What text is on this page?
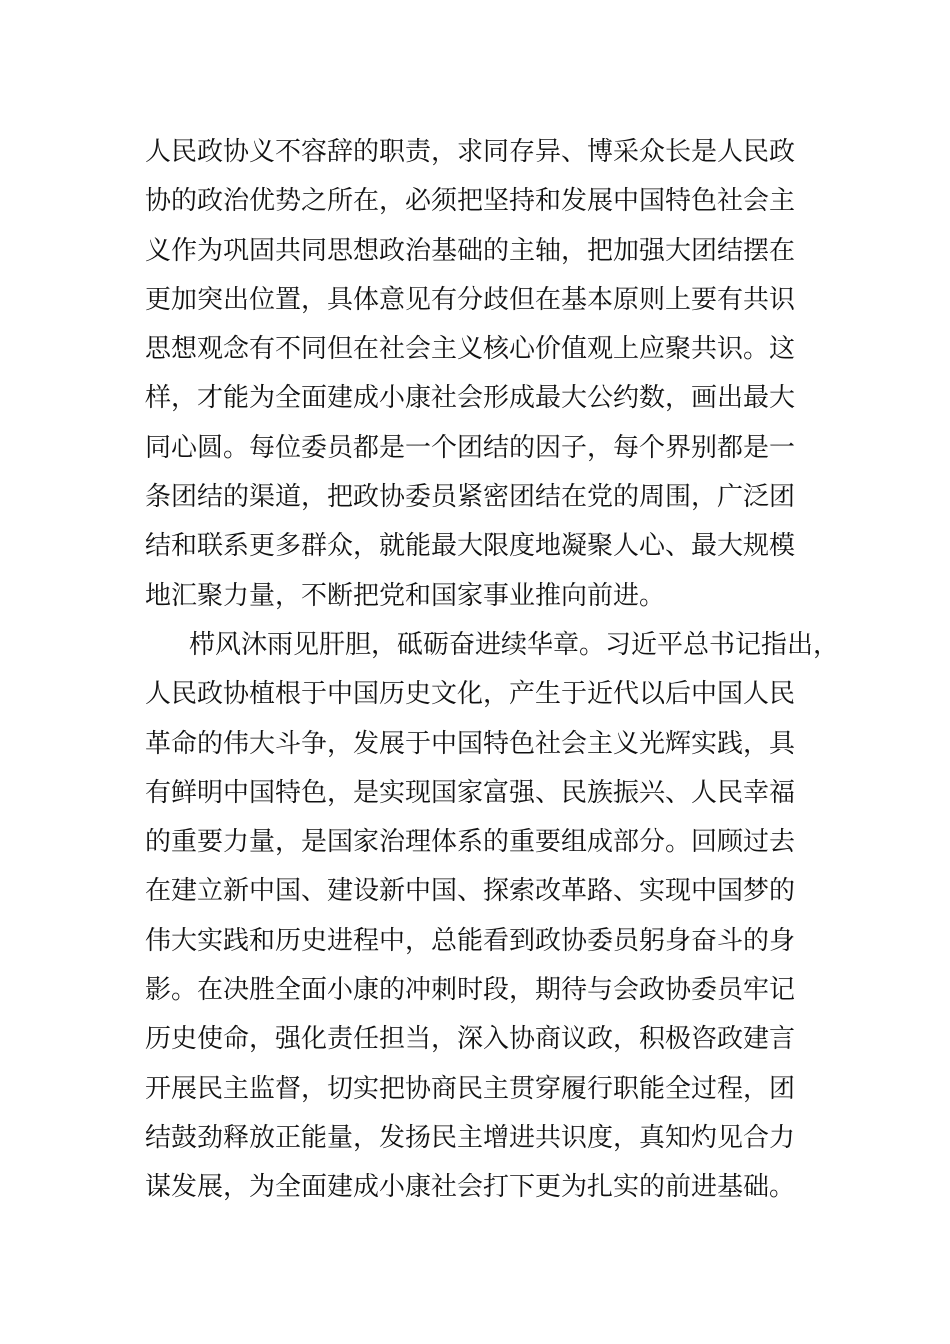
人民政协义不容辞的职责，求同存异、博采众长是人民政
协的政治优势之所在，必须把坚持和发展中国特色社会主
义作为巩固共同思想政治基础的主轴，把加强大团结摆在
更加突出位置，具体意见有分歧但在基本原则上要有共识
思想观念有不同但在社会主义核心价值观上应聚共识。这
样，才能为全面建成小康社会形成最大公约数，画出最大
同心圆。每位委员都是一个团结的因子，每个界别都是一
条团结的渠道，把政协委员紧密团结在党的周围，广泛团
结和联系更多群众，就能最大限度地凝聚人心、最大规模
地汇聚力量，不断把党和国家事业推向前进。
栉风沐雨见肝胆，砥砺奋进续华章。习近平总书记指出，
人民政协植根于中国历史文化，产生于近代以后中国人民
革命的伟大斗争，发展于中国特色社会主义光辉实践，具
有鲜明中国特色，是实现国家富强、民族振兴、人民幸福
的重要力量，是国家治理体系的重要组成部分。回顾过去
在建立新中国、建设新中国、探索改革路、实现中国梦的
伟大实践和历史进程中，总能看到政协委员躬身奋斗的身
影。在决胜全面小康的冲刺时段，期待与会政协委员牢记
历史使命，强化责任担当，深入协商议政，积极咨政建言
开展民主监督，切实把协商民主贯穿履行职能全过程，团
结鼓劲释放正能量，发扬民主增进共识度，真知灼见合力
谋发展，为全面建成小康社会打下更为扎实的前进基础。
